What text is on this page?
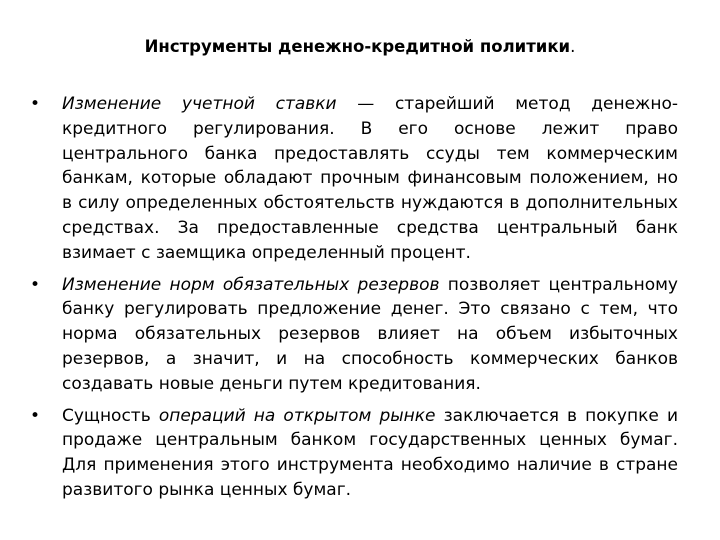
Инструменты денежно-кредитной политики.
• Изменение учетной ставки — старейший метод денежно-кредитного регулирования. В его основе лежит право центрального банка предоставлять ссуды тем коммерческим банкам, которые обладают прочным финансовым положением, но в силу определенных обстоятельств нуждаются в дополнительных средствах. За предоставленные средства центральный банк взимает с заемщика определенный процент.
• Изменение норм обязательных резервов позволяет центральному банку регулировать предложение денег. Это связано с тем, что норма обязательных резервов влияет на объем избыточных резервов, а значит, и на способность коммерческих банков создавать новые деньги путем кредитования.
• Сущность операций на открытом рынке заключается в покупке и продаже центральным банком государственных ценных бумаг. Для применения этого инструмента необходимо наличие в стране развитого рынка ценных бумаг.
